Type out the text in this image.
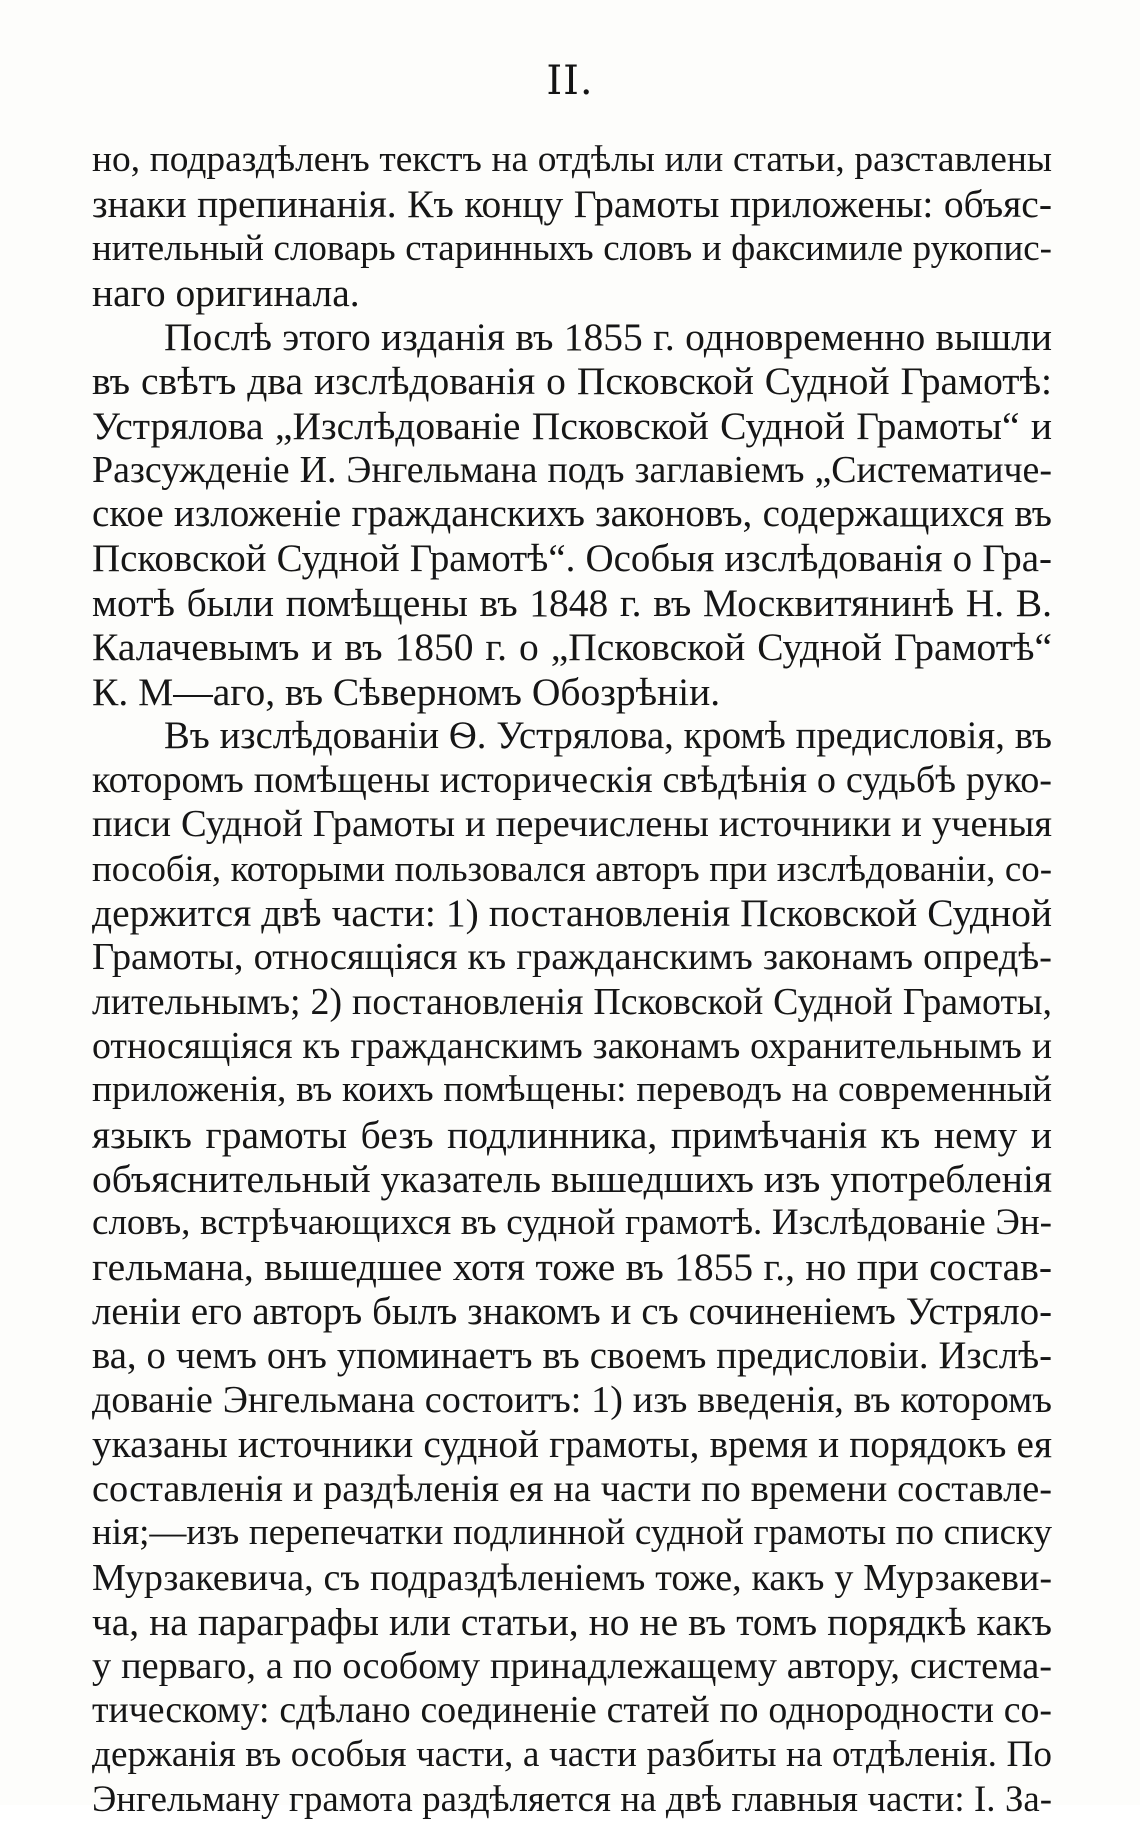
II.
но, подраздѣленъ текстъ на отдѣлы или статьи, разставлены
знаки препинанія. Къ концу Грамоты приложены: объяс-
нительный словарь старинныхъ словъ и факсимиле рукопис-
наго оригинала.
Послѣ этого изданія въ 1855 г. одновременно вышли
въ свѣтъ два изслѣдованія о Псковской Судной Грамотѣ:
Устрялова „Изслѣдованіе Псковской Судной Грамоты“ и
Разсужденіе И. Энгельмана подъ заглавіемъ „Систематиче-
ское изложеніе гражданскихъ законовъ, содержащихся въ
Псковской Судной Грамотѣ“. Особыя изслѣдованія о Гра-
мотѣ были помѣщены въ 1848 г. въ Москвитянинѣ Н. В.
Калачевымъ и въ 1850 г. о „Псковской Судной Грамотѣ“
К. М—аго, въ Сѣверномъ Обозрѣніи.
Въ изслѣдованіи Ѳ. Устрялова, кромѣ предисловія, въ
которомъ помѣщены историческія свѣдѣнія о судьбѣ руко-
писи Судной Грамоты и перечислены источники и ученыя
пособія, которыми пользовался авторъ при изслѣдованіи, со-
держится двѣ части: 1) постановленія Псковской Судной
Грамоты, относящіяся къ гражданскимъ законамъ опредѣ-
лительнымъ; 2) постановленія Псковской Судной Грамоты,
относящіяся къ гражданскимъ законамъ охранительнымъ и
приложенія, въ коихъ помѣщены: переводъ на современный
языкъ грамоты безъ подлинника, примѣчанія къ нему и
объяснительный указатель вышедшихъ изъ употребленія
словъ, встрѣчающихся въ судной грамотѣ. Изслѣдованіе Эн-
гельмана, вышедшее хотя тоже въ 1855 г., но при состав-
леніи его авторъ былъ знакомъ и съ сочиненіемъ Устряло-
ва, о чемъ онъ упоминаетъ въ своемъ предисловіи. Изслѣ-
дованіе Энгельмана состоитъ: 1) изъ введенія, въ которомъ
указаны источники судной грамоты, время и порядокъ ея
составленія и раздѣленія ея на части по времени составле-
нія;—изъ перепечатки подлинной судной грамоты по списку
Мурзакевича, съ подраздѣленіемъ тоже, какъ у Мурзакеви-
ча, на параграфы или статьи, но не въ томъ порядкѣ какъ
у перваго, а по особому принадлежащему автору, система-
тическому: сдѣлано соединеніе статей по однородности со-
держанія въ особыя части, а части разбиты на отдѣленія. По
Энгельману грамота раздѣляется на двѣ главныя части: I. За-
